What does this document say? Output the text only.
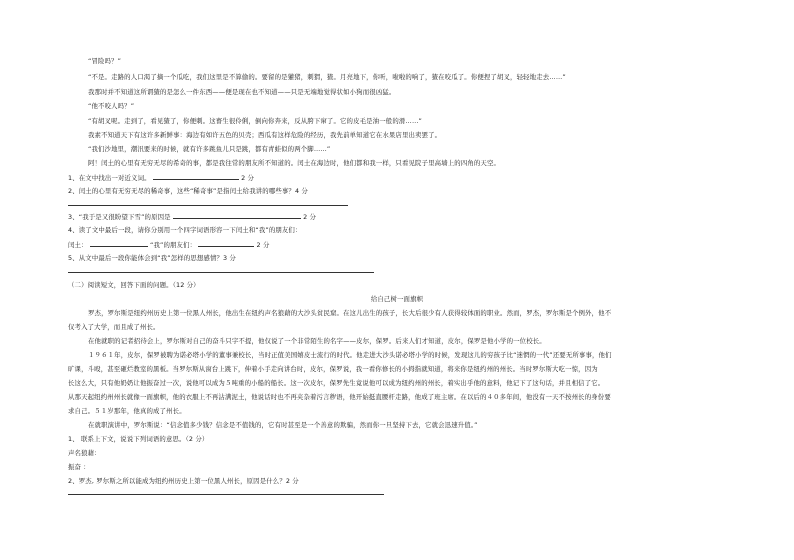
“冒险吗？”
“不是。走路的人口渴了摘一个瓜吃，我们这里是不算偷的。要留的是獾猪，刺猬，猹。月亮地下，你听，啦啦的响了，猹在咬瓜了。你便捏了胡叉，轻轻地走去……”
我那时并不知道这所谓猹的是怎么一件东西——便是现在也不知道——只是无端地觉得状如小狗而很凶猛。
“他不咬人吗？”
“有胡叉呢。走到了，看见猹了，你便刺。这畜生很伶俐，倒向你奔来，反从胯下窜了。它的皮毛是油一般的滑……”
我素不知道天下有这许多新鲜事：海边有如许五色的贝壳；西瓜有这样危险的经历，我先前单知道它在水果店里出卖罢了。
“我们沙地里，潮汛要来的时候，就有许多跳鱼儿只是跳，都有青蛙似的两个脚……”
阿！闰土的心里有无穷无尽的希奇的事，都是我往常的朋友所不知道的。闰土在海边时，他们都和我一样，只看见院子里高墙上的四角的天空。
1、在文中找出一对近义词。	2 分
2、闰土的心里有无穷无尽的稀奇事，这些“稀奇事”是指闰土给我讲的哪些事？4 分
3、“我于是又很盼望下雪”的原因是	2 分
4、读了文中最后一段，请你分别用一个四字词语形容一下闰土和“我”的朋友们：
闰土：	“我”的朋友们：	2 分
5、从文中最后一段你能体会到“我”怎样的思想感情？3 分
（二）阅读短文，回答下面的问题。（12 分）
给自己树一面旗帜
罗杰，罗尔斯是纽约州历史上第一位黑人州长，他出生在纽约声名狼藉的大沙头贫民窟。在这儿出生的孩子，长大后很少有人获得较体面的职业。然而，罗杰，罗尔斯是个例外，他不
仅考入了大学，而且成了州长。
在他就职的记者招待会上，罗尔斯对自己的奋斗只字不提，他仅说了一个非常陌生的名字——皮尔，保罗。后来人们才知道，皮尔，保罗是他小学的一位校长。
１９６１年，皮尔，保罗被聘为诺必塔小学的董事兼校长，当时正值美国嬉皮士流行的时代。他走进大沙头诺必塔小学的时候，发现这儿的穷孩子比“迷惘的一代”还要无所事事，他们
旷课，斗殴，甚至砸烂教室的黑板。当罗尔斯从窗台上跳下，伸着小手走向讲台时，皮尔，保罗说，我一看你修长的小拇指就知道，将来你是纽约州的州长。当时罗尔斯大吃一惊，因为
长这么大，只有他奶奶让他振奋过一次，说他可以成为５吨重的小船的船长。这一次皮尔，保罗先生竟说他可以成为纽约州的州长，着实出乎他的意料，他记下了这句话，并且相信了它。
从那天起纽约州州长就像一面旗帜，他的衣服上不再沾满泥土，他说话时也不再夹杂着污言秽语，他开始挺直腰杆走路，他成了班主席。在以后的４０多年间，他没有一天不按州长的身份要
求自己。５１岁那年，他真的成了州长。
在就职演讲中，罗尔斯说：“信念值多少钱？信念是不值钱的，它有时甚至是一个善意的欺骗，然而你一旦坚持下去，它就会迅速升值。”
1、 联系上下文，说说下列词语的意思。（2 分）
声名狼藉：
振奋 ：
2、罗杰, 罗尔斯之所以能成为纽约州历史上第一位黑人州长，原因是什么？2 分
